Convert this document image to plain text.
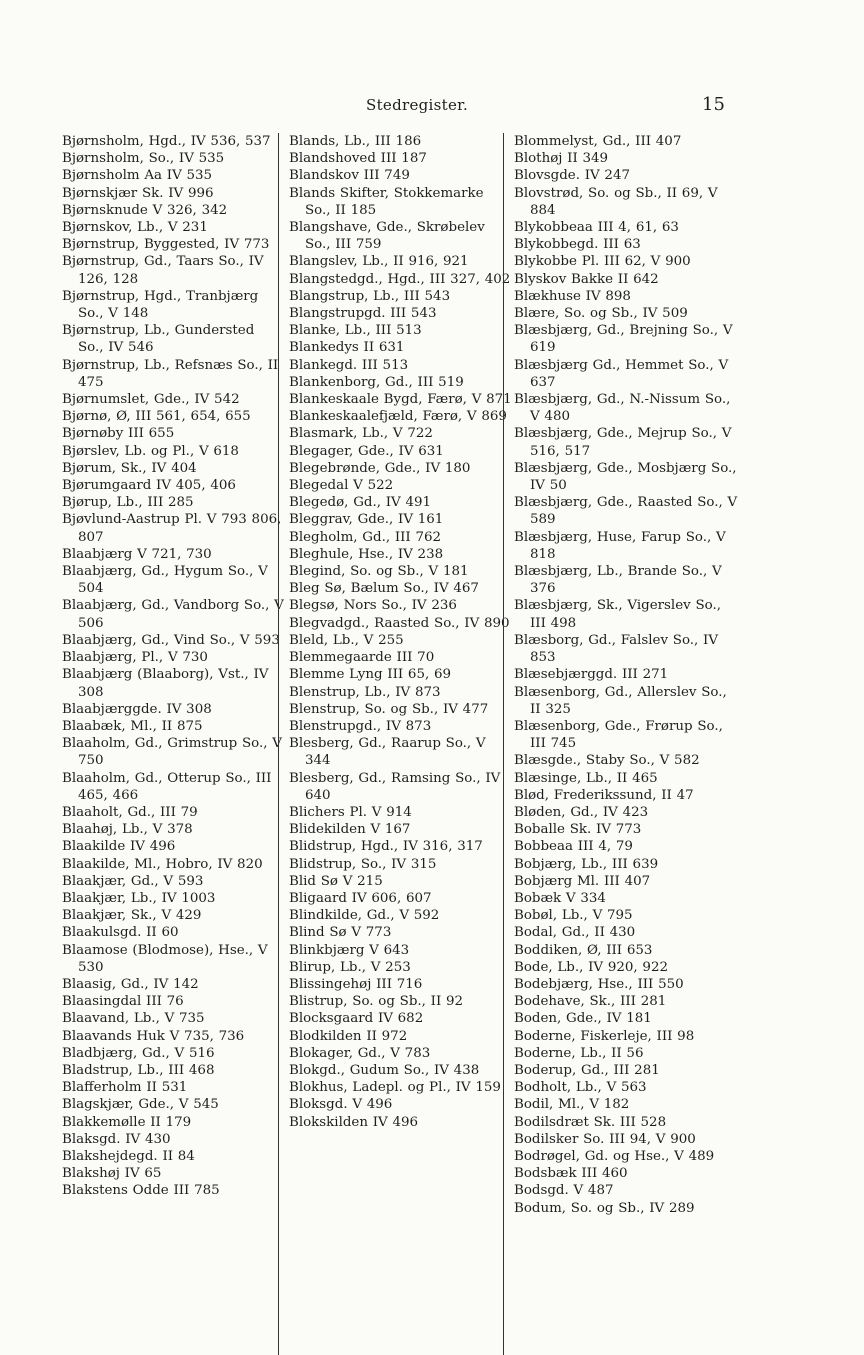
Stedregister.	15
Bjørnsholm, Hgd., IV 536, 537
Bjørnsholm, So., IV 535
Bjørnsholm Aa IV 535
Bjørnskjær Sk. IV 996
Bjørnsknude V 326, 342
Bjørnskov, Lb., V 231
Bjørnstrup, Byggested, IV 773
Bjørnstrup, Gd., Taars So., IV 126, 128
Bjørnstrup, Hgd., Tranbjærg So., V 148
Bjørnstrup, Lb., Gundersted So., IV 546
Bjørnstrup, Lb., Refsnæs So., II 475
Bjørnumslet, Gde., IV 542
Bjørnø, Ø, III 561, 654, 655
Bjørnøby III 655
Bjørslev, Lb. og Pl., V 618
Bjørum, Sk., IV 404
Bjørumgaard IV 405, 406
Bjørup, Lb., III 285
Bjøvlund-Aastrup Pl. V 793 806, 807
Blaabjærg V 721, 730
Blaabjærg, Gd., Hygum So., V 504
Blaabjærg, Gd., Vandborg So., V 506
Blaabjærg, Gd., Vind So., V 593
Blaabjærg, Pl., V 730
Blaabjærg (Blaaborg), Vst., IV 308
Blaabjærggde. IV 308
Blaabæk, Ml., II 875
Blaaholm, Gd., Grimstrup So., V 750
Blaaholm, Gd., Otterup So., III 465, 466
Blaaholt, Gd., III 79
Blaahøj, Lb., V 378
Blaakilde IV 496
Blaakilde, Ml., Hobro, IV 820
Blaakjær, Gd., V 593
Blaakjær, Lb., IV 1003
Blaakjær, Sk., V 429
Blaakulsgd. II 60
Blaamose (Blodmose), Hse., V 530
Blaasig, Gd., IV 142
Blaasingdal III 76
Blaavand, Lb., V 735
Blaavands Huk V 735, 736
Bladbjærg, Gd., V 516
Bladstrup, Lb., III 468
Blafferholm II 531
Blagskjær, Gde., V 545
Blakkemølle II 179
Blaksgd. IV 430
Blakshejdegd. II 84
Blakshøj IV 65
Blakstens Odde III 785
Blands, Lb., III 186
Blandshoved III 187
Blandskov III 749
Blands Skifter, Stokkemarke So., II 185
Blangshave, Gde., Skrøbelev So., III 759
Blangslev, Lb., II 916, 921
Blangstedgd., Hgd., III 327, 402
Blangstrup, Lb., III 543
Blangstrupgd. III 543
Blanke, Lb., III 513
Blankedys II 631
Blankegd. III 513
Blankenborg, Gd., III 519
Blankeskaale Bygd, Færø, V 871
Blankeskaalefjæld, Færø, V 869
Blasmark, Lb., V 722
Blegager, Gde., IV 631
Blegebrønde, Gde., IV 180
Blegedal V 522
Blegedø, Gd., IV 491
Bleggrav, Gde., IV 161
Blegholm, Gd., III 762
Bleghule, Hse., IV 238
Blegind, So. og Sb., V 181
Bleg Sø, Bælum So., IV 467
Blegsø, Nors So., IV 236
Blegvadgd., Raasted So., IV 890
Bleld, Lb., V 255
Blemmegaarde III 70
Blemme Lyng III 65, 69
Blenstrup, Lb., IV 873
Blenstrup, So. og Sb., IV 477
Blenstrupgd., IV 873
Blesberg, Gd., Raarup So., V 344
Blesberg, Gd., Ramsing So., IV 640
Blichers Pl. V 914
Blidekilden V 167
Blidstrup, Hgd., IV 316, 317
Blidstrup, So., IV 315
Blid Sø V 215
Bligaard IV 606, 607
Blindkilde, Gd., V 592
Blind Sø V 773
Blinkbjærg V 643
Blirup, Lb., V 253
Blissingehøj III 716
Blistrup, So. og Sb., II 92
Blocksgaard IV 682
Blodkilden II 972
Blokager, Gd., V 783
Blokgd., Gudum So., IV 438
Blokhus, Ladepl. og Pl., IV 159
Bloksgd. V 496
Blokskilden IV 496
Blommelyst, Gd., III 407
Blothøj II 349
Blovsgde. IV 247
Blovstrød, So. og Sb., II 69, V 884
Blykobbeaa III 4, 61, 63
Blykobbegd. III 63
Blykobbe Pl. III 62, V 900
Blyskov Bakke II 642
Blækhuse IV 898
Blære, So. og Sb., IV 509
Blæsbjærg, Gd., Brejning So., V 619
Blæsbjærg Gd., Hemmet So., V 637
Blæsbjærg, Gd., N.-Nissum So., V 480
Blæsbjærg, Gde., Mejrup So., V 516, 517
Blæsbjærg, Gde., Mosbjærg So., IV 50
Blæsbjærg, Gde., Raasted So., V 589
Blæsbjærg, Huse, Farup So., V 818
Blæsbjærg, Lb., Brande So., V 376
Blæsbjærg, Sk., Vigerslev So., III 498
Blæsborg, Gd., Falslev So., IV 853
Blæsebjærggd. III 271
Blæsenborg, Gd., Allerslev So., II 325
Blæsenborg, Gde., Frørup So., III 745
Blæsgde., Staby So., V 582
Blæsinge, Lb., II 465
Blød, Frederikssund, II 47
Bløden, Gd., IV 423
Boballe Sk. IV 773
Bobbeaa III 4, 79
Bobjærg, Lb., III 639
Bobjærg Ml. III 407
Bobæk V 334
Bobøl, Lb., V 795
Bodal, Gd., II 430
Boddiken, Ø, III 653
Bode, Lb., IV 920, 922
Bodebjærg, Hse., III 550
Bodehave, Sk., III 281
Boden, Gde., IV 181
Boderne, Fiskerleje, III 98
Boderne, Lb., II 56
Boderup, Gd., III 281
Bodholt, Lb., V 563
Bodil, Ml., V 182
Bodilsdræt Sk. III 528
Bodilsker So. III 94, V 900
Bodrøgel, Gd. og Hse., V 489
Bodsbæk III 460
Bodsgd. V 487
Bodum, So. og Sb., IV 289
